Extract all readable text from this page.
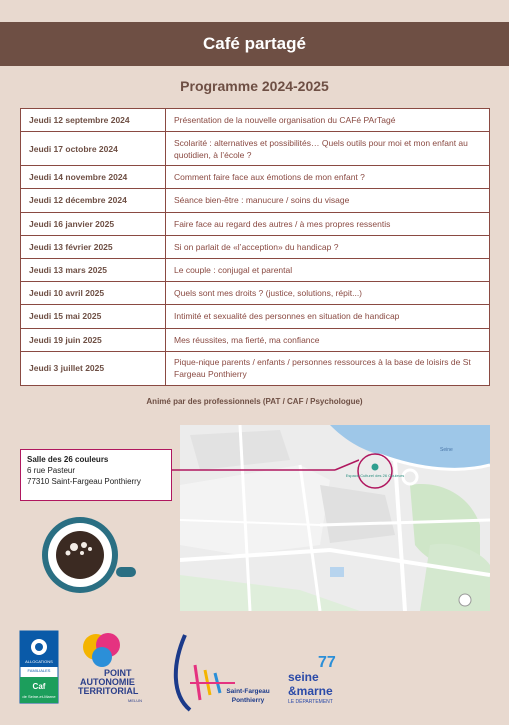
Café partagé
Programme 2024-2025
Jeudi 12 septembre 2024	Présentation de la nouvelle organisation du CAFé PArTagé
Jeudi 17 octobre 2024	Scolarité : alternatives et possibilités… Quels outils pour moi et mon enfant au quotidien, à l’école ?
Jeudi 14 novembre 2024	Comment faire face aux émotions de mon enfant ?
Jeudi 12 décembre 2024	Séance bien-être : manucure / soins du visage
Jeudi 16 janvier 2025	Faire face au regard des autres / à mes propres ressentis
Jeudi 13 février 2025	Si on parlait de «l’acception» du handicap ?
Jeudi 13 mars 2025	Le couple : conjugal et parental
Jeudi 10 avril 2025	Quels sont mes droits ? (justice, solutions, répit...)
Jeudi 15 mai 2025	Intimité et sexualité des personnes en situation de handicap
Jeudi 19 juin 2025	Mes réussites, ma fierté, ma confiance
Jeudi 3 juillet 2025	Pique-nique parents / enfants / personnes ressources à la base de loisirs de St Fargeau Ponthierry
Animé par des professionnels (PAT / CAF / Psychologue)
Espace Culturel des 26 Couleurs
Seine
Salle des 26 couleurs
6 rue Pasteur
77310 Saint-Fargeau Ponthierry
ALLOCATIONS
FAMILIALES
Caf
de Seine-et-Marne
POINT
AUTONOMIE
TERRITORIAL
MELUN
Saint-Fargeau
Ponthierry
seine
&marne
LE DÉPARTEMENT
77
